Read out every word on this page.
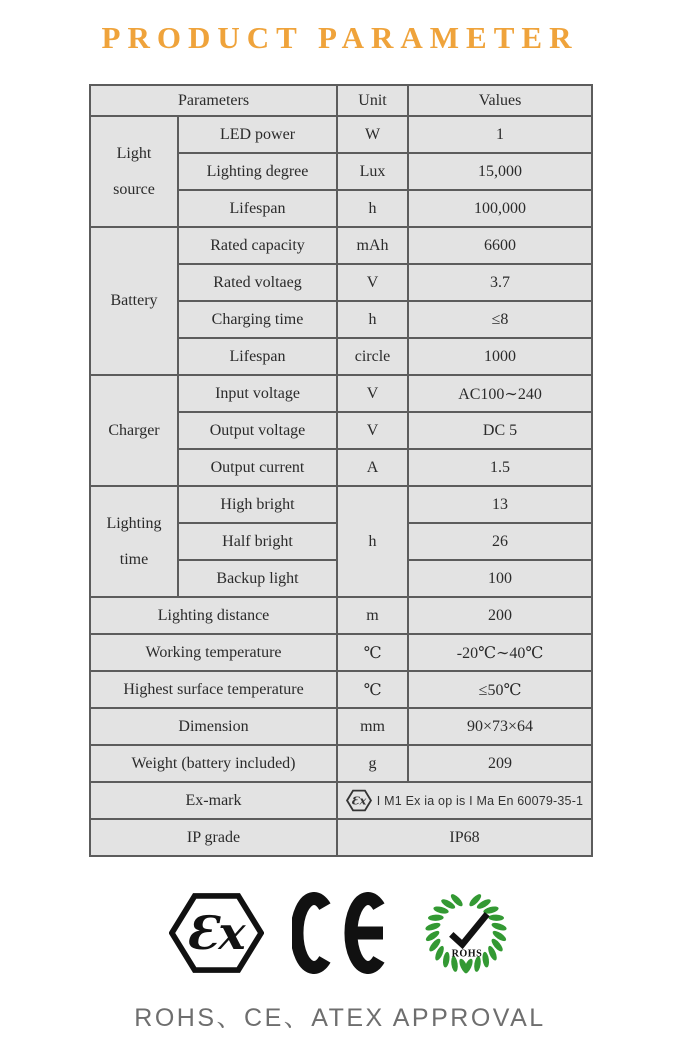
PRODUCT PARAMETER
Parameters		Unit	Values
Light source	LED power	W	1
	Lighting degree	Lux	15,000
	Lifespan	h	100,000
Battery	Rated capacity	mAh	6600
	Rated voltaeg	V	3.7
	Charging time	h	≤8
	Lifespan	circle	1000
Charger	Input voltage	V	AC100∼240
	Output voltage	V	DC 5
	Output current	A	1.5
Lighting time	High bright	h	13
	Half bright		26
	Backup light		100
Lighting distance		m	200
Working temperature		℃	-20℃∼40℃
Highest surface temperature		℃	≤50℃
Dimension		mm	90×73×64
Weight (battery included)		g	209
Ex-mark		Ɛx I M1 Ex ia op is I Ma En 60079-35-1	

IP grade		IP68	
Ɛx	ROHS
ROHS、CE、ATEX APPROVAL
